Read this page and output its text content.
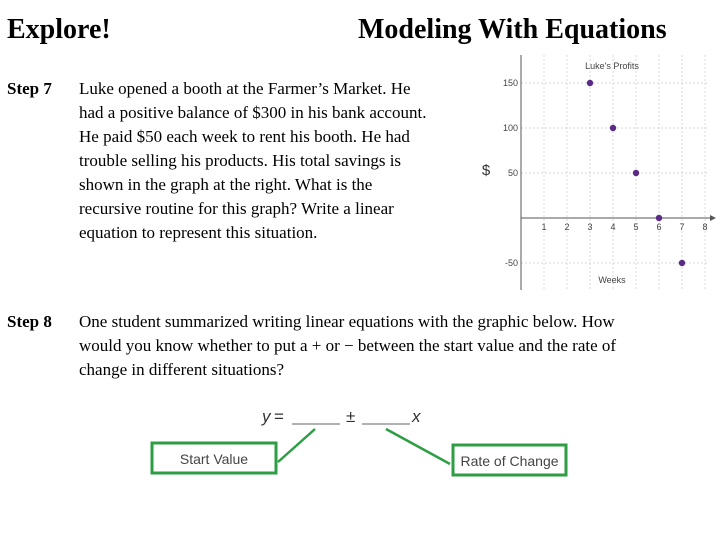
Explore!	Modeling With Equations
Step 7 Luke opened a booth at the Farmer’s Market. He
had a positive balance of $300 in his bank account.
He paid $50 each week to rent his booth. He had
trouble selling his products. His total savings is
shown in the graph at the right. What is the
recursive routine for this graph? Write a linear
equation to represent this situation.	1 2 3 4 5 6 7 8
150
100
50
-50
Luke's Profits
Weeks
$
Step 8 One student summarized writing linear equations with the graphic below. How
would you know whether to put a + or − between the start value and the rate of
change in different situations?
y =	±	x
Start Value	Rate of Change
